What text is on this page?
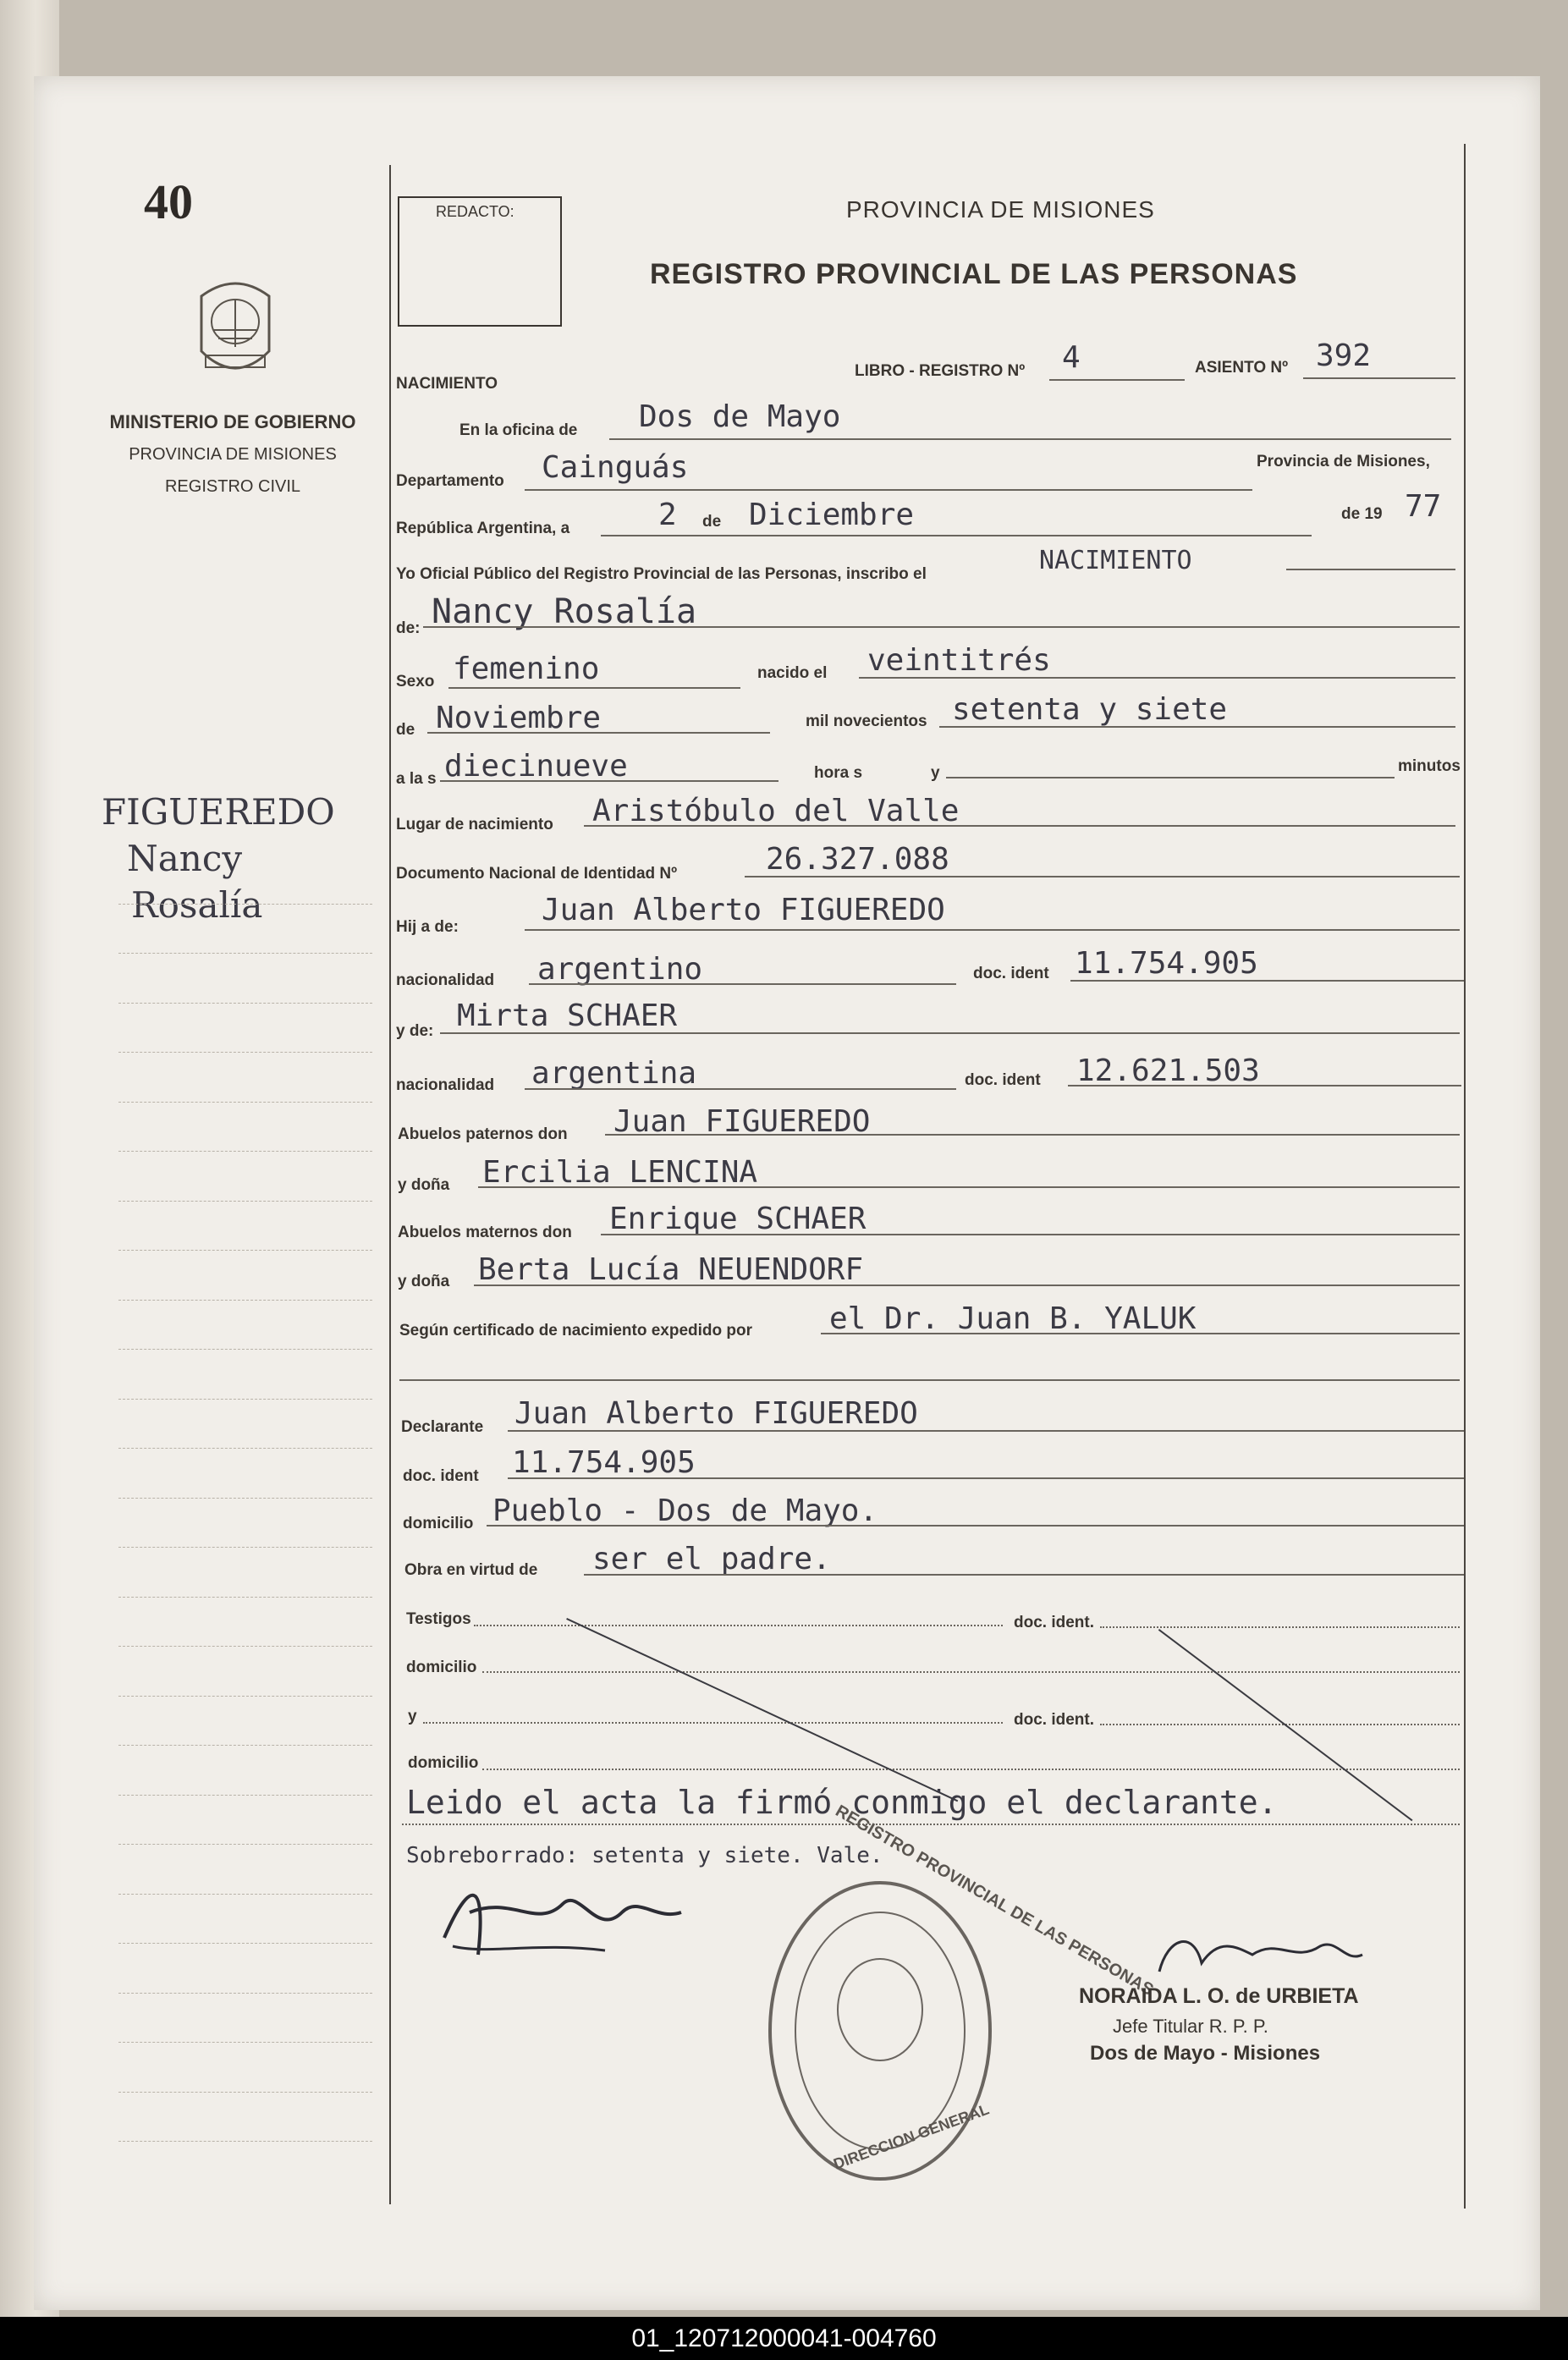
40
MINISTERIO DE GOBIERNO
PROVINCIA DE MISIONES
REGISTRO CIVIL
FIGUEREDO
Nancy
Rosalía
REDACTO:	PROVINCIA DE MISIONES
REGISTRO PROVINCIAL DE LAS PERSONAS
NACIMIENTO
LIBRO - REGISTRO Nº 4	ASIENTO Nº 392
En la oficina de Dos de Mayo
Departamento Cainguás	Provincia de Misiones,
República Argentina, a	2 de Diciembre	de 19 77
Yo Oficial Público del Registro Provincial de las Personas, inscribo el	NACIMIENTO
de: Nancy Rosalía
Sexo femenino	nacido el veintitrés
de Noviembre	mil novecientos setenta y siete
a la s diecinueve	hora s	y	minutos
Lugar de nacimiento Aristóbulo del Valle
Documento Nacional de Identidad Nº	26.327.088
Hij a de:	Juan Alberto FIGUEREDO
nacionalidad argentino	doc. ident 11.754.905
y de: Mirta SCHAER
nacionalidad argentina	doc. ident 12.621.503
Abuelos paternos don Juan FIGUEREDO
y doña Ercilia LENCINA
Abuelos maternos don Enrique SCHAER
y doña Berta Lucía NEUENDORF
Según certificado de nacimiento expedido por	el Dr. Juan B. YALUK
Declarante Juan Alberto FIGUEREDO
doc. ident 11.754.905
domicilio Pueblo - Dos de Mayo.
Obra en virtud de ser el padre.
Testigos	doc. ident.
domicilio
y	doc. ident.
domicilio
Leido el acta la firmó conmigo el declarante.
Sobreborrado: setenta y siete. Vale.
REGISTRO PROVINCIAL DE LAS PERSONAS
DIRECCION GENERAL
NORAIDA L. O. de URBIETA
Jefe Titular R. P. P.
Dos de Mayo - Misiones
01_120712000041-004760
